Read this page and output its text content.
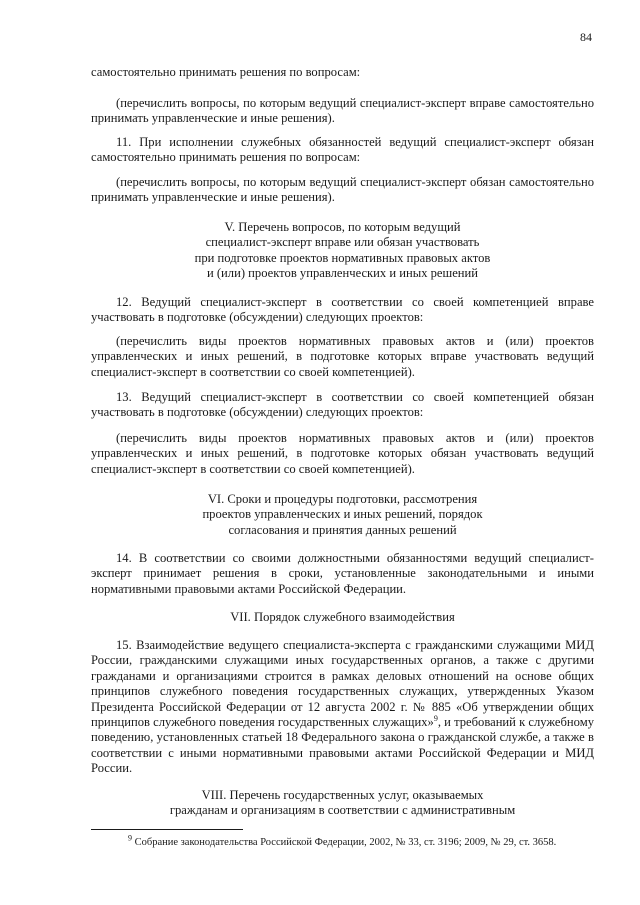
84

самостоятельно принимать решения по вопросам:

(перечислить вопросы, по которым ведущий специалист-эксперт вправе самостоятельно принимать управленческие и иные решения).

11. При исполнении служебных обязанностей ведущий специалист-эксперт обязан самостоятельно принимать решения по вопросам:

(перечислить вопросы, по которым ведущий специалист-эксперт обязан самостоятельно принимать управленческие и иные решения).

V. Перечень вопросов, по которым ведущий
специалист-эксперт вправе или обязан участвовать
при подготовке проектов нормативных правовых актов
и (или) проектов управленческих и иных решений

12. Ведущий специалист-эксперт в соответствии со своей компетенцией вправе участвовать в подготовке (обсуждении) следующих проектов:

(перечислить виды проектов нормативных правовых актов и (или) проектов управленческих и иных решений, в подготовке которых вправе участвовать ведущий специалист-эксперт в соответствии со своей компетенцией).

13. Ведущий специалист-эксперт в соответствии со своей компетенцией обязан участвовать в подготовке (обсуждении) следующих проектов:

(перечислить виды проектов нормативных правовых актов и (или) проектов управленческих и иных решений, в подготовке которых обязан участвовать ведущий специалист-эксперт в соответствии со своей компетенцией).

VI. Сроки и процедуры подготовки, рассмотрения
проектов управленческих и иных решений, порядок
согласования и принятия данных решений

14. В соответствии со своими должностными обязанностями ведущий специалист-эксперт принимает решения в сроки, установленные законодательными и иными нормативными правовыми актами Российской Федерации.

VII. Порядок служебного взаимодействия

15. Взаимодействие ведущего специалиста-эксперта с гражданскими служащими МИД России, гражданскими служащими иных государственных органов, а также с другими гражданами и организациями строится в рамках деловых отношений на основе общих принципов служебного поведения государственных служащих, утвержденных Указом Президента Российской Федерации от 12 августа 2002 г. № 885 «Об утверждении общих принципов служебного поведения государственных служащих»$^9$, и требований к служебному поведению, установленных статьей 18 Федерального закона о гражданской службе, а также в соответствии с иными нормативными правовыми актами Российской Федерации и МИД России.

VIII. Перечень государственных услуг, оказываемых
гражданам и организациям в соответствии с административным

$^9$ Собрание законодательства Российской Федерации, 2002, № 33, ст. 3196; 2009, № 29, ст. 3658.
